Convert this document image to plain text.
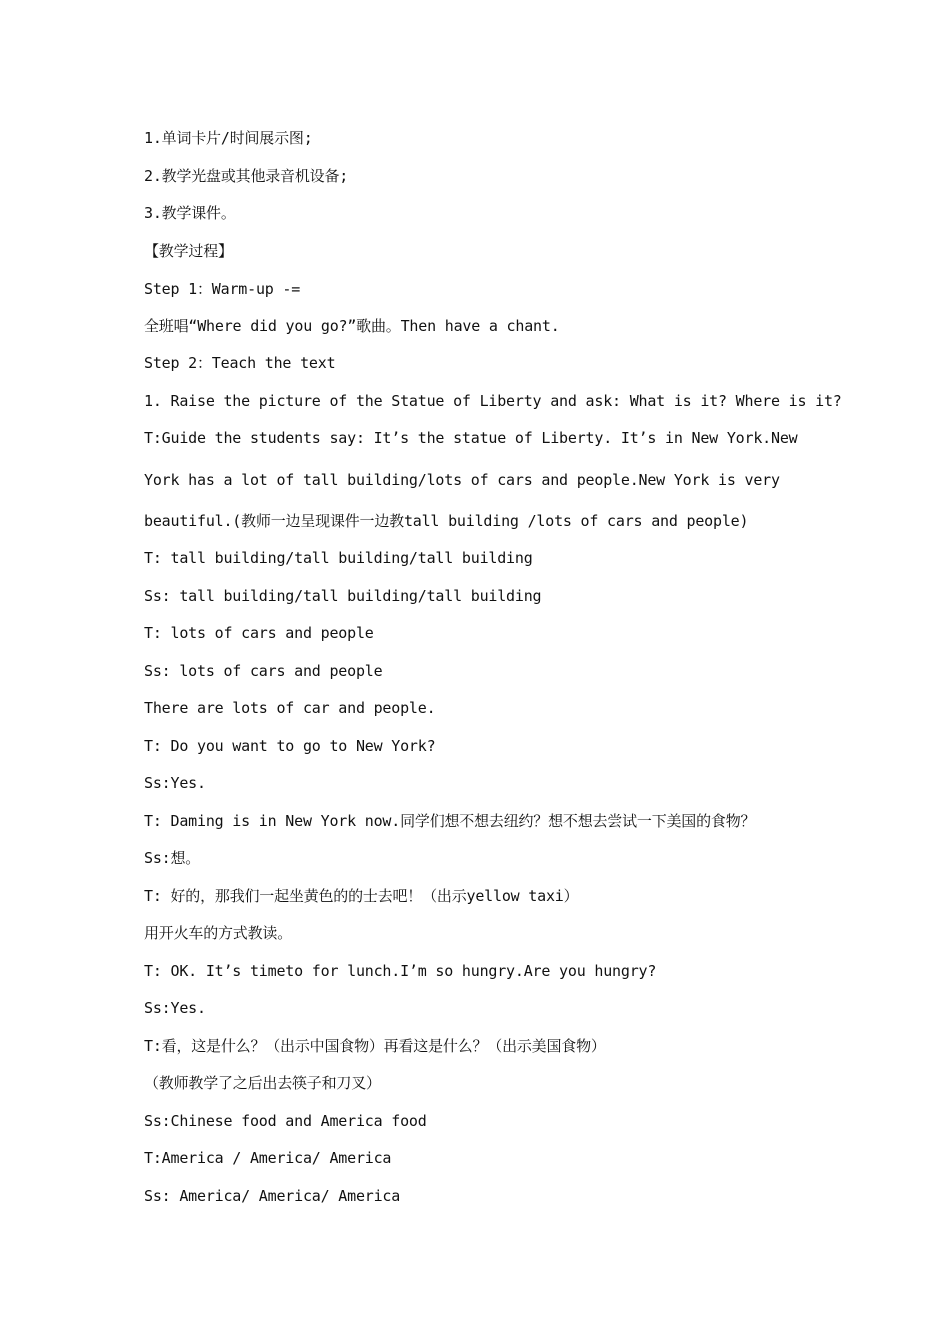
1.单词卡片/时间展示图;
2.教学光盘或其他录音机设备;
3.教学课件。
【教学过程】
Step 1：Warm-up -=
全班唱“Where did you go?”歌曲。Then have a chant.
Step 2：Teach the text
1. Raise the picture of the Statue of Liberty and ask: What is it? Where is it?
T:Guide the students say: It’s the statue of Liberty. It’s in New York.New
York has a lot of tall building/lots of cars and people.New York is very
beautiful.(教师一边呈现课件一边教tall building /lots of cars and people)
T: tall building/tall building/tall building
Ss: tall building/tall building/tall building
T: lots of cars and people
Ss: lots of cars and people
There are lots of car and people.
T: Do you want to go to New York?
Ss:Yes.
T: Daming is in New York now.同学们想不想去纽约？想不想去尝试一下美国的食物？
Ss:想。
T: 好的，那我们一起坐黄色的的士去吧！（出示yellow taxi）
用开火车的方式教读。
T: OK. It’s timeto for lunch.I’m so hungry.Are you hungry?
Ss:Yes.
T:看，这是什么？（出示中国食物）再看这是什么？（出示美国食物）
（教师教学了之后出去筷子和刀叉）
Ss:Chinese food and America food
T:America / America/ America
Ss: America/ America/ America
